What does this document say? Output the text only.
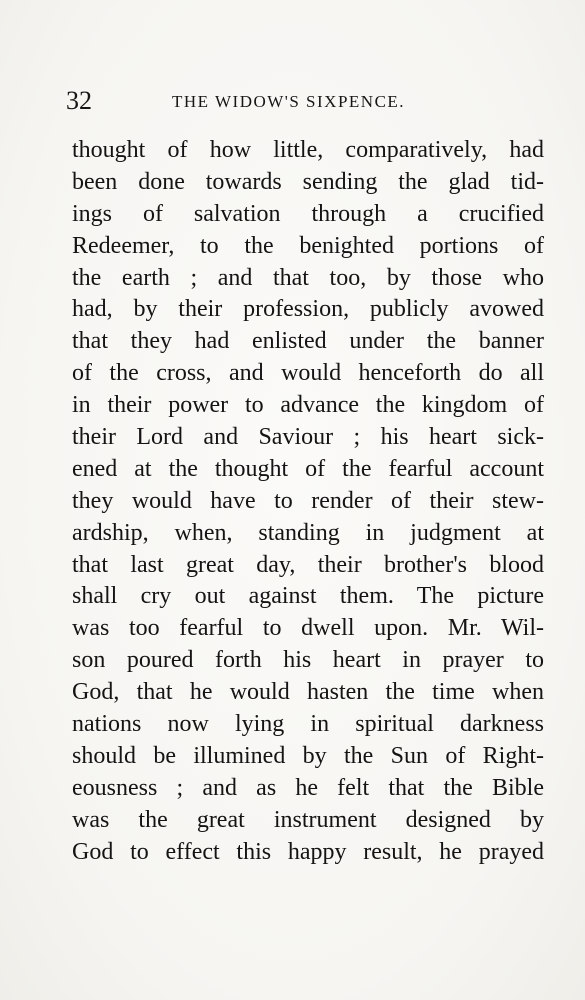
32	THE WIDOW'S SIXPENCE.
thought of how little, comparatively, had
been done towards sending the glad tid-
ings of salvation through a crucified
Redeemer, to the benighted portions of
the earth ; and that too, by those who
had, by their profession, publicly avowed
that they had enlisted under the banner
of the cross, and would henceforth do all
in their power to advance the kingdom of
their Lord and Saviour ; his heart sick-
ened at the thought of the fearful account
they would have to render of their stew-
ardship, when, standing in judgment at
that last great day, their brother's blood
shall cry out against them. The picture
was too fearful to dwell upon. Mr. Wil-
son poured forth his heart in prayer to
God, that he would hasten the time when
nations now lying in spiritual darkness
should be illumined by the Sun of Right-
eousness ; and as he felt that the Bible
was the great instrument designed by
God to effect this happy result, he prayed
